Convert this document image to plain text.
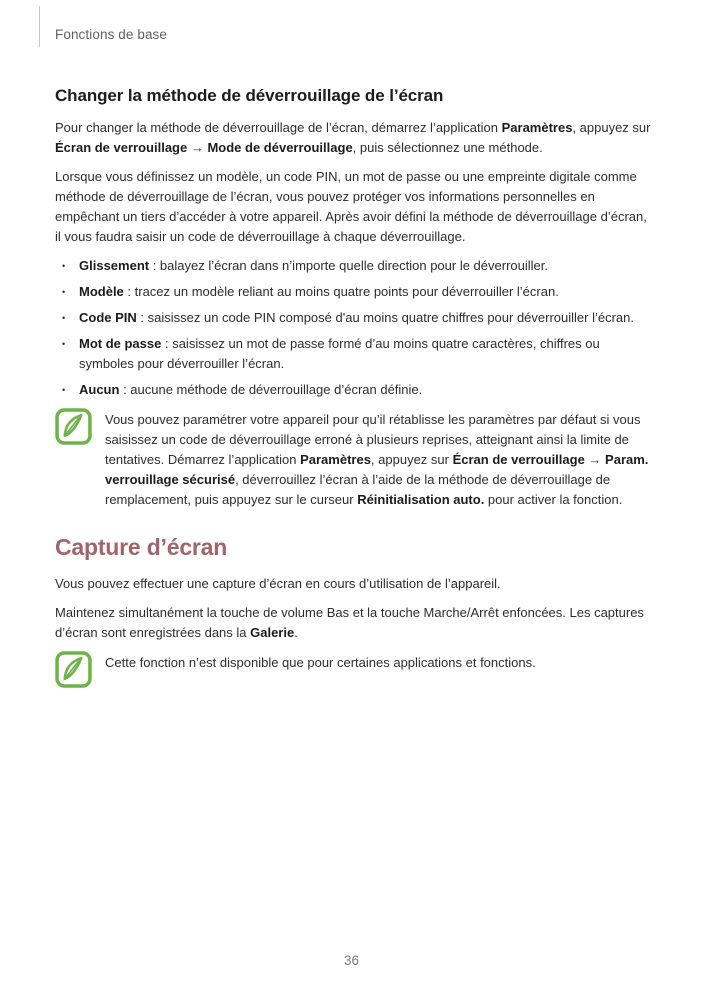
Fonctions de base
Changer la méthode de déverrouillage de l’écran

Pour changer la méthode de déverrouillage de l’écran, démarrez l’application Paramètres, appuyez sur Écran de verrouillage → Mode de déverrouillage, puis sélectionnez une méthode.

Lorsque vous définissez un modèle, un code PIN, un mot de passe ou une empreinte digitale comme méthode de déverrouillage de l’écran, vous pouvez protéger vos informations personnelles en empêchant un tiers d’accéder à votre appareil. Après avoir défini la méthode de déverrouillage d’écran, il vous faudra saisir un code de déverrouillage à chaque déverrouillage.

• Glissement : balayez l’écran dans n’importe quelle direction pour le déverrouiller.
• Modèle : tracez un modèle reliant au moins quatre points pour déverrouiller l’écran.
• Code PIN : saisissez un code PIN composé d'au moins quatre chiffres pour déverrouiller l’écran.
• Mot de passe : saisissez un mot de passe formé d’au moins quatre caractères, chiffres ou symboles pour déverrouiller l’écran.
• Aucun : aucune méthode de déverrouillage d’écran définie.

Vous pouvez paramétrer votre appareil pour qu’il rétablisse les paramètres par défaut si vous saisissez un code de déverrouillage erroné à plusieurs reprises, atteignant ainsi la limite de tentatives. Démarrez l’application Paramètres, appuyez sur Écran de verrouillage → Param. verrouillage sécurisé, déverrouillez l’écran à l’aide de la méthode de déverrouillage de remplacement, puis appuyez sur le curseur Réinitialisation auto. pour activer la fonction.

Capture d’écran

Vous pouvez effectuer une capture d’écran en cours d’utilisation de l’appareil.

Maintenez simultanément la touche de volume Bas et la touche Marche/Arrêt enfoncées. Les captures d’écran sont enregistrées dans la Galerie.

Cette fonction n’est disponible que pour certaines applications et fonctions.

36
